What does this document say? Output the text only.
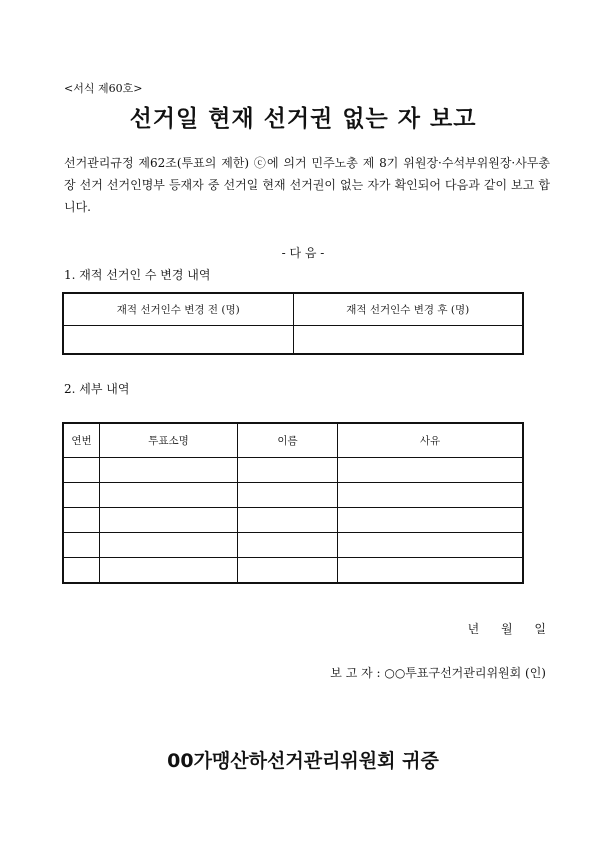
<서식 제60호>
선거일 현재 선거권 없는 자 보고
선거관리규정 제62조(투표의 제한) ⓒ에 의거 민주노총 제 8기 위원장·수석부위원장·사무총장 선거 선거인명부 등재자 중 선거일 현재 선거권이 없는 자가 확인되어 다음과 같이 보고 합니다.
- 다 음 -
1. 재적 선거인 수 변경 내역
재적 선거인수 변경 전 (명)	재적 선거인수 변경 후 (명)

2. 세부 내역
연번	투표소명	이름	사유

년 월 일
보 고 자 : ○○투표구선거관리위원회 (인)
00가맹산하선거관리위원회 귀중
